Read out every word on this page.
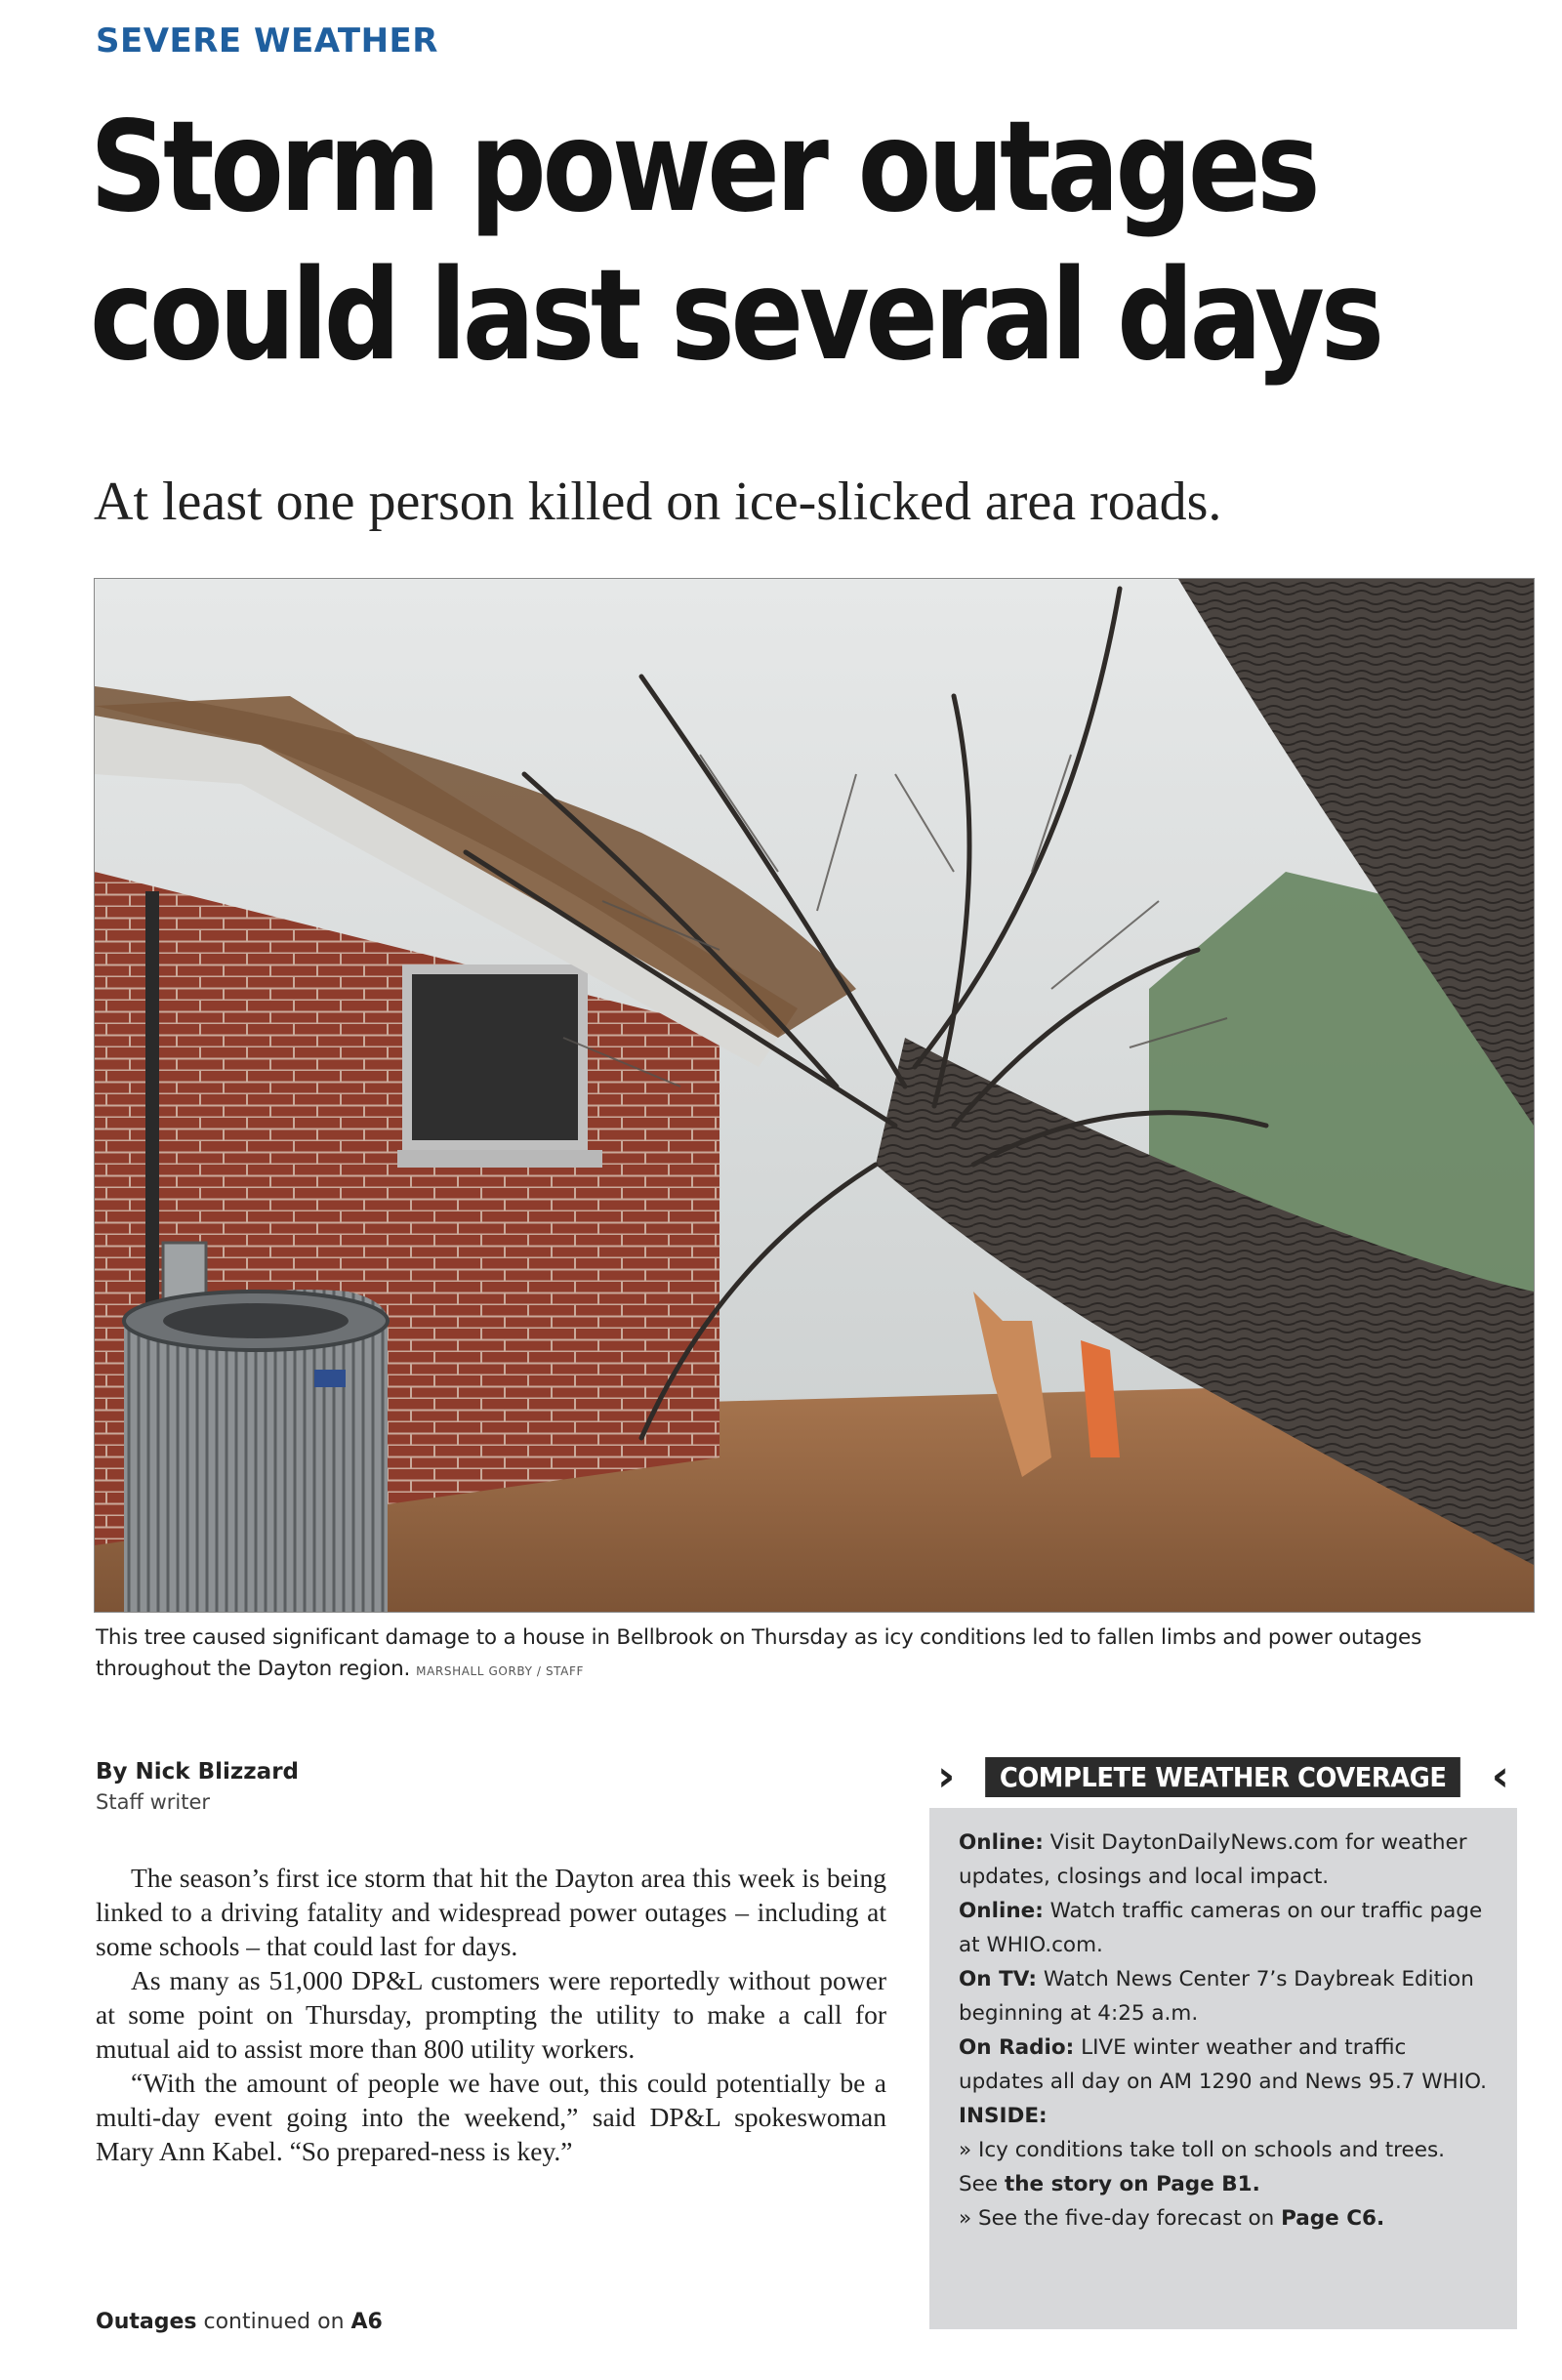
SEVERE WEATHER
Storm power outages
could last several days
At least one person killed on ice-slicked area roads.
This tree caused significant damage to a house in Bellbrook on Thursday as icy conditions led to fallen limbs and power outages throughout the Dayton region. MARSHALL GORBY / STAFF
By Nick Blizzard
Staff writer

The season’s first ice storm that hit the Dayton area this week is being linked to a driving fatality and widespread power outages – including at some schools – that could last for days.

As many as 51,000 DP&L customers were reportedly without power at some point on Thursday, prompting the utility to make a call for mutual aid to assist more than 800 utility workers.

“With the amount of people we have out, this could potentially be a multi-day event going into the weekend,” said DP&L spokeswoman Mary Ann Kabel. “So prepared-ness is key.”

Outages continued on A6
›	COMPLETE WEATHER COVERAGE	‹

Online: Visit DaytonDailyNews.com for weather updates, closings and local impact.

Online: Watch traffic cameras on our traffic page at WHIO.com.

On TV: Watch News Center 7’s Daybreak Edition beginning at 4:25 a.m.

On Radio: LIVE winter weather and traffic updates all day on AM 1290 and News 95.7 WHIO.

INSIDE:

» Icy conditions take toll on schools and trees. See the story on Page B1.

» See the five-day forecast on Page C6.
